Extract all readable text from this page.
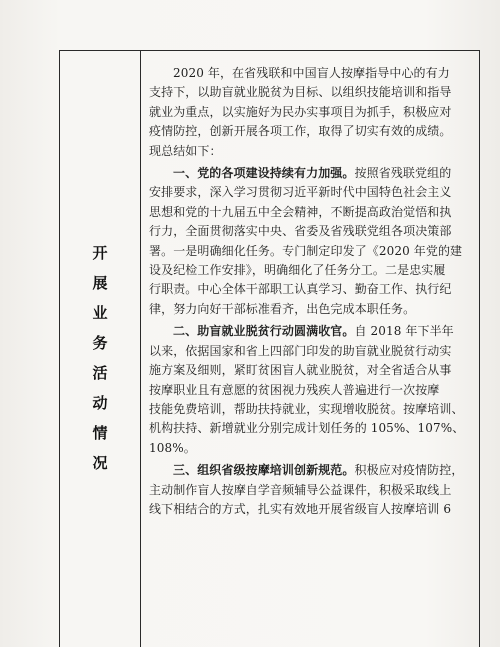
开
展
业
务
活
动
情
况

2020 年，在省残联和中国盲人按摩指导中心的有力

支持下，以助盲就业脱贫为目标、以组织技能培训和指导

就业为重点，以实施好为民办实事项目为抓手，积极应对

疫情防控，创新开展各项工作，取得了切实有效的成绩。

现总结如下：

一、党的各项建设持续有力加强。按照省残联党组的

安排要求，深入学习贯彻习近平新时代中国特色社会主义

思想和党的十九届五中全会精神，不断提高政治觉悟和执

行力，全面贯彻落实中央、省委及省残联党组各项决策部

署。一是明确细化任务。专门制定印发了《2020 年党的建

设及纪检工作安排》，明确细化了任务分工。二是忠实履

行职责。中心全体干部职工认真学习、勤奋工作、执行纪

律，努力向好干部标准看齐，出色完成本职任务。

二、助盲就业脱贫行动圆满收官。自 2018 年下半年

以来，依据国家和省上四部门印发的助盲就业脱贫行动实

施方案及细则，紧盯贫困盲人就业脱贫，对全省适合从事

按摩职业且有意愿的贫困视力残疾人普遍进行一次按摩

技能免费培训，帮助扶持就业，实现增收脱贫。按摩培训、

机构扶持、新增就业分别完成计划任务的 105%、107%、

108%。

三、组织省级按摩培训创新规范。积极应对疫情防控，

主动制作盲人按摩自学音频辅导公益课件，积极采取线上

线下相结合的方式，扎实有效地开展省级盲人按摩培训 6
